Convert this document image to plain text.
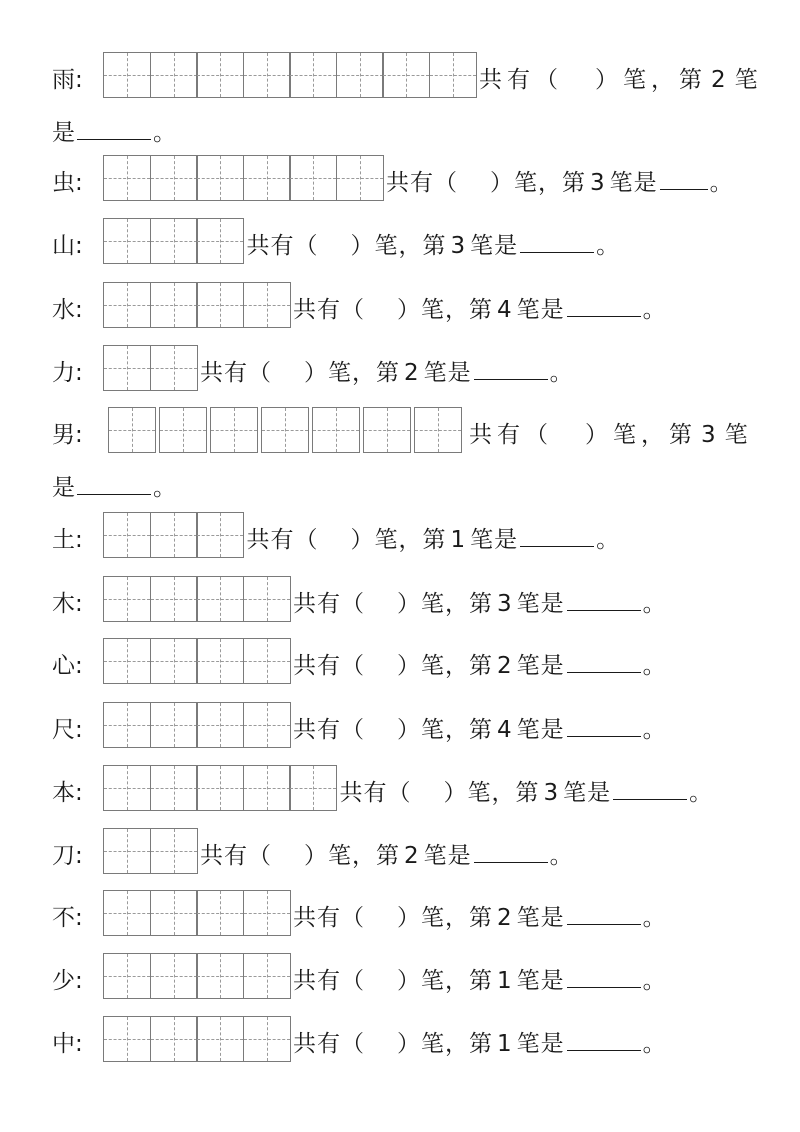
雨:	共有（ ）笔，第 2 笔
是	。
虫:	共有（ ）笔，第 3 笔是 。
山:	共有（ ）笔，第 3 笔是	。
水:	共有（ ）笔，第 4 笔是	。
力:	共有（ ）笔，第 2 笔是	。
男:	共有（ ）笔，第 3 笔
是	。
土:	共有（ ）笔，第 1 笔是	。
木:	共有（ ）笔，第 3 笔是	。
心:	共有（ ）笔，第 2 笔是	。
尺:	共有（ ）笔，第 4 笔是	。
本:	共有（ ）笔，第 3 笔是	。
刀:	共有（ ）笔，第 2 笔是	。
不:	共有（ ）笔，第 2 笔是	。
少:	共有（ ）笔，第 1 笔是	。
中:	共有（ ）笔，第 1 笔是	。
